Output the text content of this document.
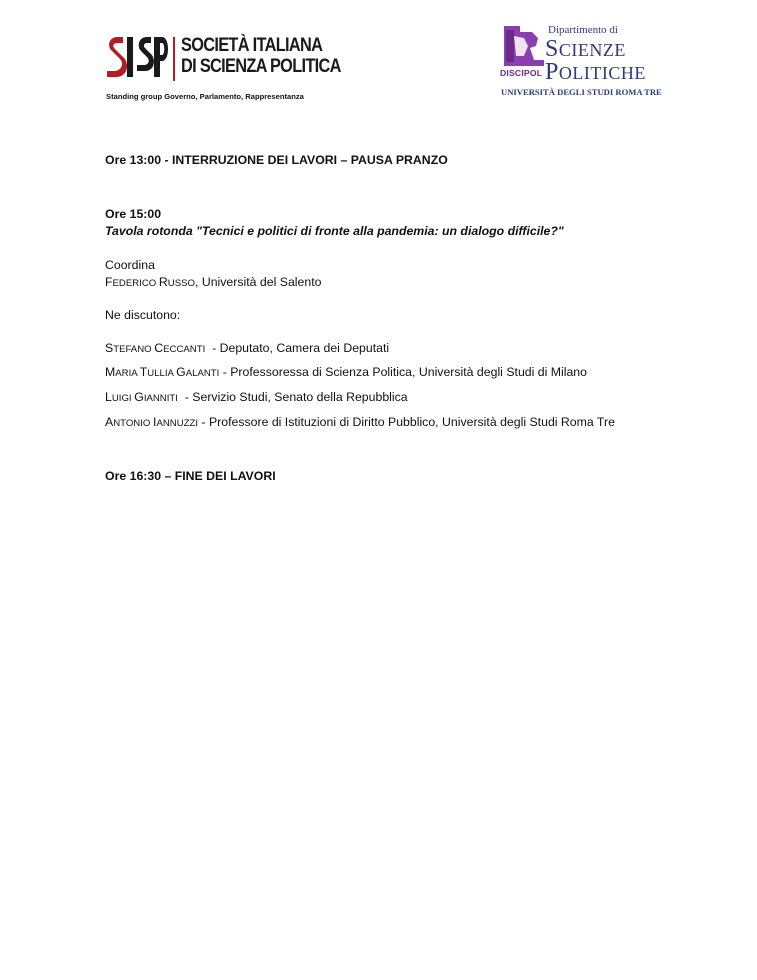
SOCIETÀ ITALIANA
DI SCIENZA POLITICA
Standing group Governo, Parlamento, Rappresentanza
DISCIPOL
Dipartimento di
SCIENZE
POLITICHE
UNIVERSITÀ DEGLI STUDI ROMA TRE
Ore 13:00 - INTERRUZIONE DEI LAVORI – PAUSA PRANZO
Ore 15:00
Tavola rotonda "Tecnici e politici di fronte alla pandemia: un dialogo difficile?"
Coordina
FEDERICO RUSSO, Università del Salento
Ne discutono:
STEFANO CECCANTI  - Deputato, Camera dei Deputati
MARIA TULLIA GALANTI - Professoressa di Scienza Politica, Università degli Studi di Milano
LUIGI GIANNITI  - Servizio Studi, Senato della Repubblica
ANTONIO IANNUZZI - Professore di Istituzioni di Diritto Pubblico, Università degli Studi Roma Tre
Ore 16:30 – FINE DEI LAVORI
